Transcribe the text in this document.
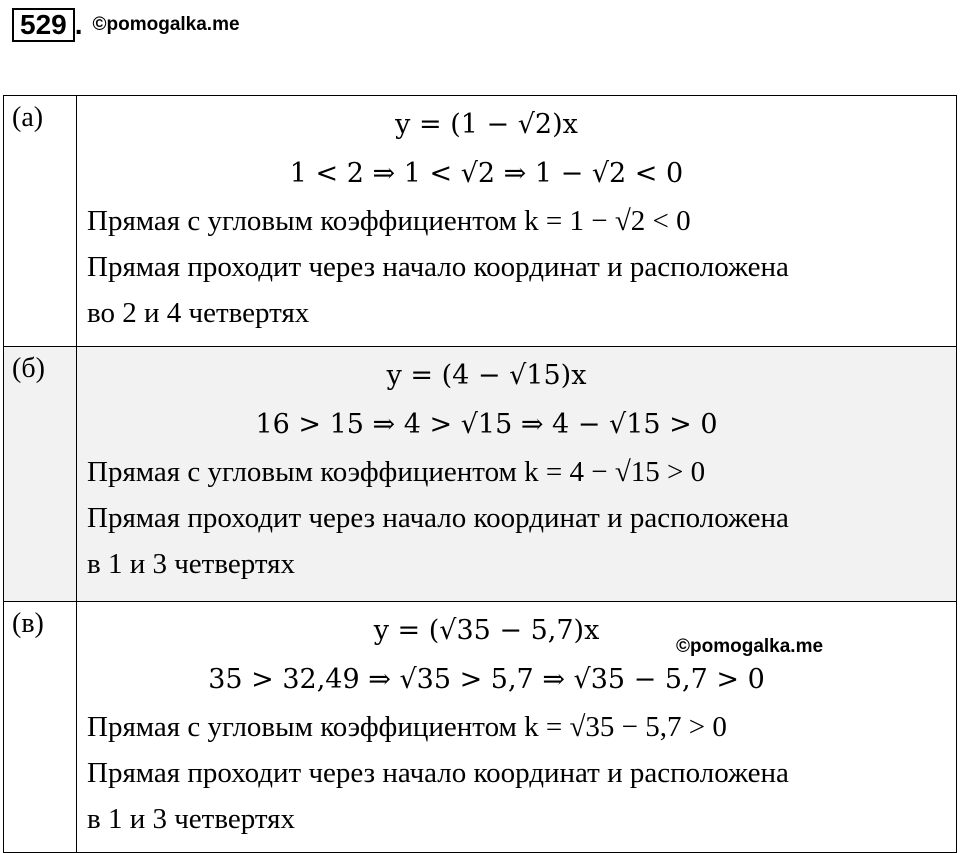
529 . ©pomogalka.me
(а)	y = (1 − √2)x
1 < 2 ⇒ 1 < √2 ⇒ 1 − √2 < 0
Прямая с угловым коэффициентом k = 1 − √2 < 0
Прямая проходит через начало координат и расположена
во 2 и 4 четвертях

(б)	y = (4 − √15)x
16 > 15 ⇒ 4 > √15 ⇒ 4 − √15 > 0
Прямая с угловым коэффициентом k = 4 − √15 > 0
Прямая проходит через начало координат и расположена
в 1 и 3 четвертях

(в)	y = (√35 − 5,7)x
35 > 32,49 ⇒ √35 > 5,7 ⇒ √35 − 5,7 > 0
Прямая с угловым коэффициентом k = √35 − 5,7 > 0
Прямая проходит через начало координат и расположена
в 1 и 3 четвертях
©pomogalka.me
